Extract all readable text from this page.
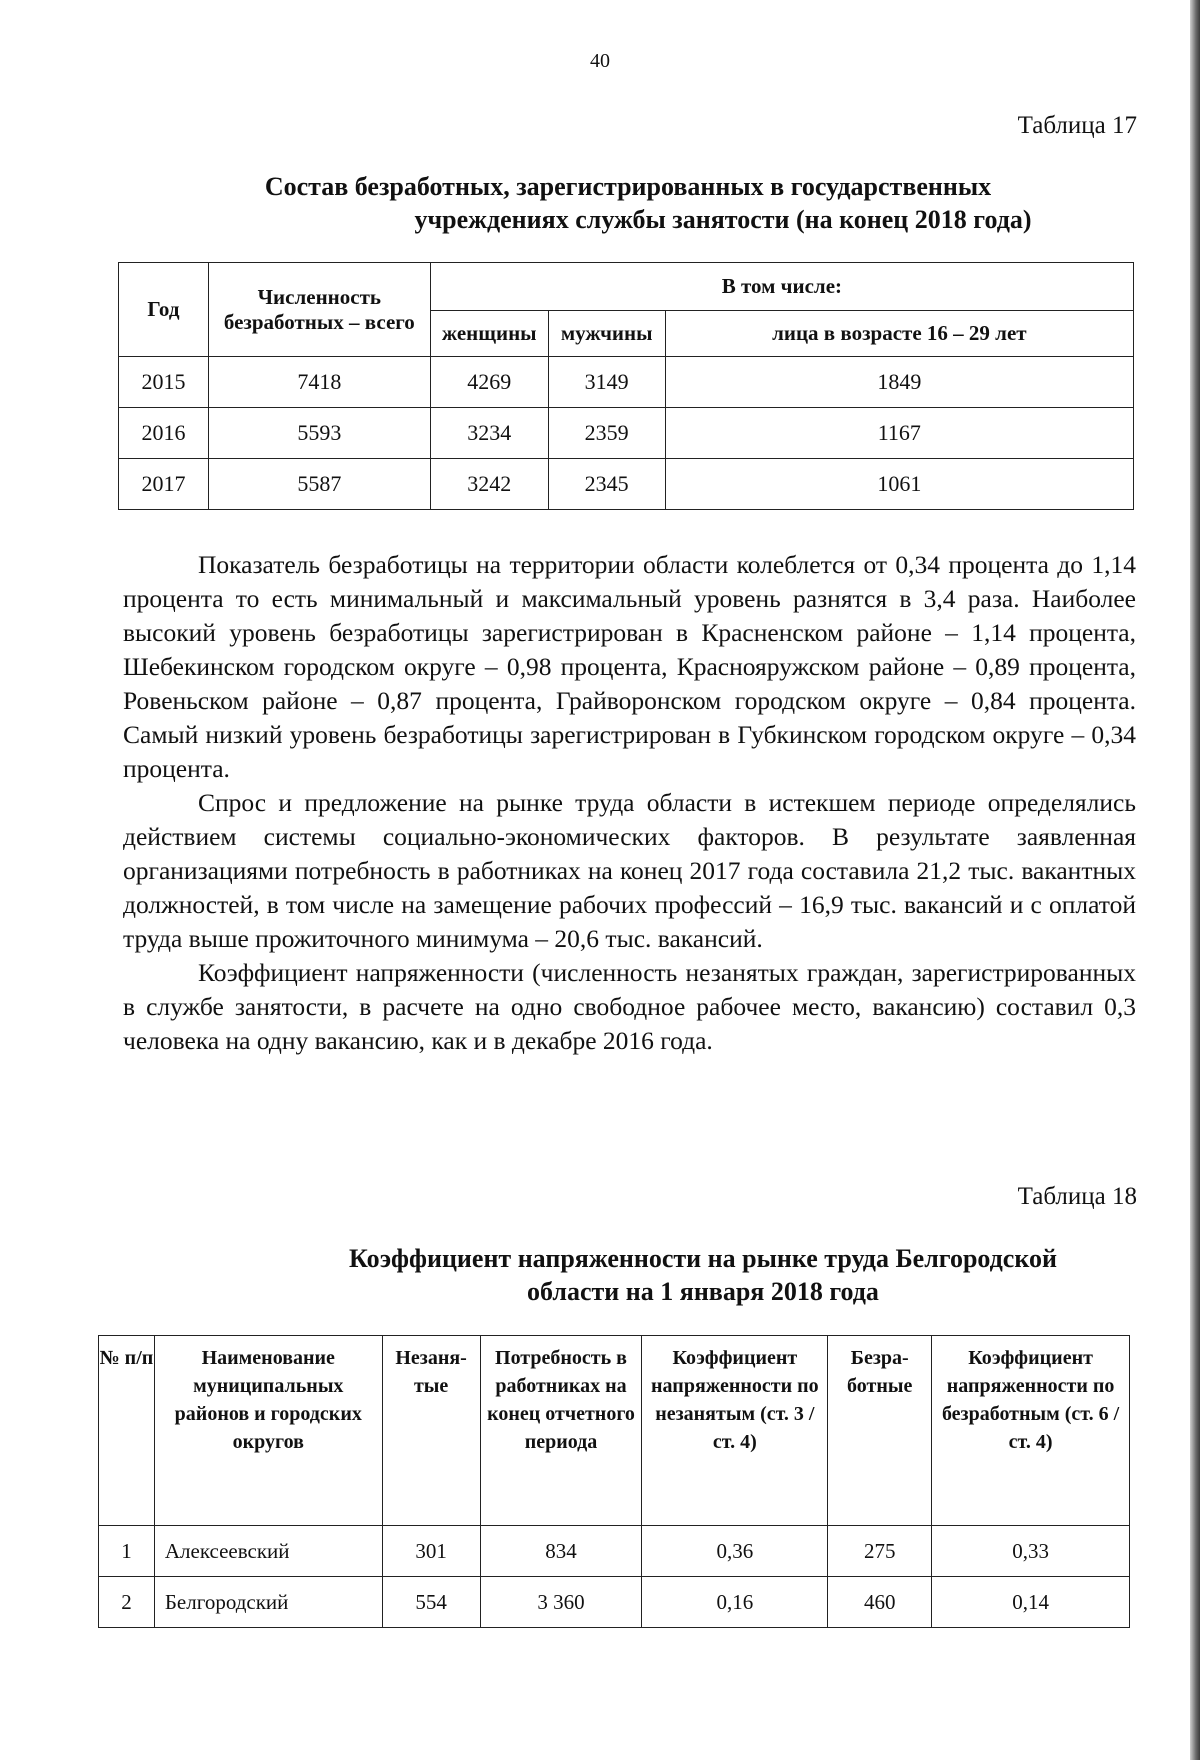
40
Таблица 17
Состав безработных, зарегистрированных в государственных
учреждениях службы занятости (на конец 2018 года)
Год	Численность безработных – всего	В том числе:		
		женщины	мужчины	лица в возрасте 16 – 29 лет
2015	7418	4269	3149	1849
2016	5593	3234	2359	1167
2017	5587	3242	2345	1061

Показатель безработицы на территории области колеблется от 0,34 процента до 1,14 процента то есть минимальный и максимальный уровень разнятся в 3,4 раза. Наиболее высокий уровень безработицы зарегистрирован в Красненском районе – 1,14 процента, Шебекинском городском округе – 0,98 процента, Краснояружском районе – 0,89 процента, Ровеньском районе – 0,87 процента, Грайворонском городском округе – 0,84 процента. Самый низкий уровень безработицы зарегистрирован в Губкинском городском округе – 0,34 процента.

Спрос и предложение на рынке труда области в истекшем периоде определялись действием системы социально-экономических факторов. В результате заявленная организациями потребность в работниках на конец 2017 года составила 21,2 тыс. вакантных должностей, в том числе на замещение рабочих профессий – 16,9 тыс. вакансий и с оплатой труда выше прожиточного минимума – 20,6 тыс. вакансий.

Коэффициент напряженности (численность незанятых граждан, зарегистрированных в службе занятости, в расчете на одно свободное рабочее место, вакансию) составил 0,3 человека на одну вакансию, как и в декабре 2016 года.

Таблица 18
Коэффициент напряженности на рынке труда Белгородской
области на 1 января 2018 года
№ п/п	Наименование муниципальных районов и городских округов	Незаня-тые	Потребность в работниках на конец отчетного периода	Коэффициент напряженности по незанятым (ст. 3 / ст. 4)	Безра-ботные	Коэффициент напряженности по безработным (ст. 6 / ст. 4)
1	Алексеевский	301	834	0,36	275	0,33
2	Белгородский	554	3 360	0,16	460	0,14
